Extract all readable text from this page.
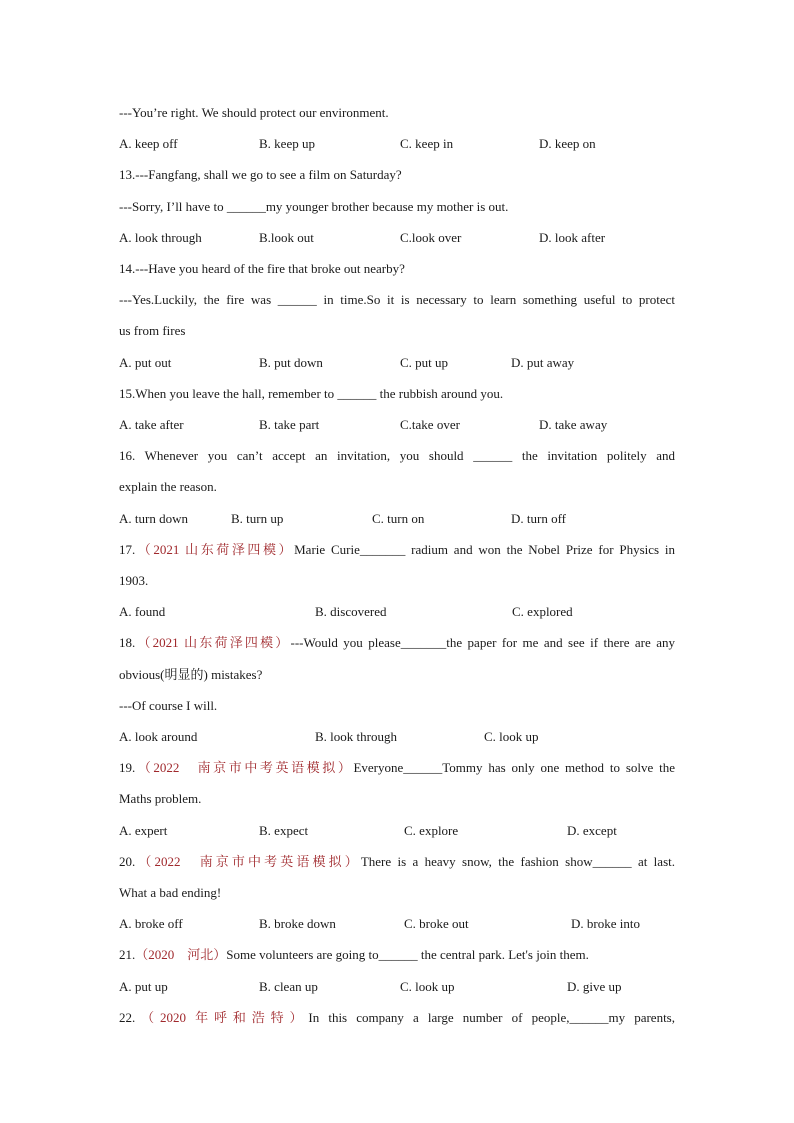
---You’re right. We should protect our environment.
A. keep off	B. keep up	C. keep in	D. keep on
13.---Fangfang, shall we go to see a film on Saturday?
---Sorry, I’ll have to ______my younger brother because my mother is out.
A. look through	B.look out	C.look over	D. look after
14.---Have you heard of the fire that broke out nearby?
---Yes.Luckily, the fire was ______ in time.So it is necessary to learn something useful to protect
us from fires
A. put out	B. put down	C. put up	D. put away
15.When you leave the hall, remember to ______ the rubbish around you.
A. take after	B. take part	C.take over	D. take away
16. Whenever you can’t accept an invitation, you should ______ the invitation politely and
explain the reason.
A. turn down	B. turn up	C. turn on	D. turn off
17.（2021 山东荷泽四模）Marie Curie_______ radium and won the Nobel Prize for Physics in
1903.
A. found	B. discovered	C. explored
18.（2021 山东荷泽四模）---Would you please_______the paper for me and see if there are any
obvious(明显的) mistakes?
---Of course I will.
A. look around	B. look through	C. look up
19.（2022　南京市中考英语模拟）Everyone______Tommy has only one method to solve the
Maths problem.
A. expert	B. expect	C. explore	D. except
20.（2022　南京市中考英语模拟）There is a heavy snow, the fashion show______ at last.
What a bad ending!
A. broke off	B. broke down	C. broke out	D. broke into
21.（2020　河北）Some volunteers are going to______ the central park. Let's join them.
A. put up	B. clean up	C. look up	D. give up
22.（2020 年呼和浩特）In this company a large number of people,______my parents,
